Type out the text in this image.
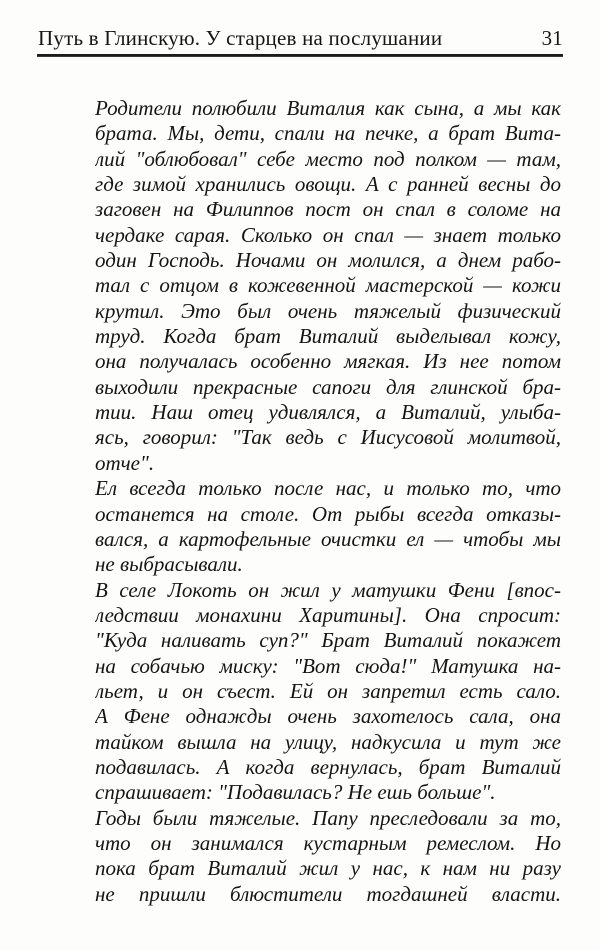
Путь в Глинскую. У старцев на послушании	31
Родители полюбили Виталия как сына, а мы как
брата. Мы, дети, спали на печке, а брат Вита-
лий "облюбовал" себе место под полком — там,
где зимой хранились овощи. А с ранней весны до
заговен на Филиппов пост он спал в соломе на
чердаке сарая. Сколько он спал — знает только
один Господь. Ночами он молился, а днем рабо-
тал с отцом в кожевенной мастерской — кожи
крутил. Это был очень тяжелый физический
труд. Когда брат Виталий выделывал кожу,
она получалась особенно мягкая. Из нее потом
выходили прекрасные сапоги для глинской бра-
тии. Наш отец удивлялся, а Виталий, улыба-
ясь, говорил: "Так ведь с Иисусовой молитвой,
отче".
Ел всегда только после нас, и только то, что
останется на столе. От рыбы всегда отказы-
вался, а картофельные очистки ел — чтобы мы
не выбрасывали.
В селе Локоть он жил у матушки Фени [впос-
ледствии монахини Харитины]. Она спросит:
"Куда наливать суп?" Брат Виталий покажет
на собачью миску: "Вот сюда!" Матушка на-
льет, и он съест. Ей он запретил есть сало.
А Фене однажды очень захотелось сала, она
тайком вышла на улицу, надкусила и тут же
подавилась. А когда вернулась, брат Виталий
спрашивает: "Подавилась? Не ешь больше".
Годы были тяжелые. Папу преследовали за то,
что он занимался кустарным ремеслом. Но
пока брат Виталий жил у нас, к нам ни разу
не пришли блюстители тогдашней власти.
